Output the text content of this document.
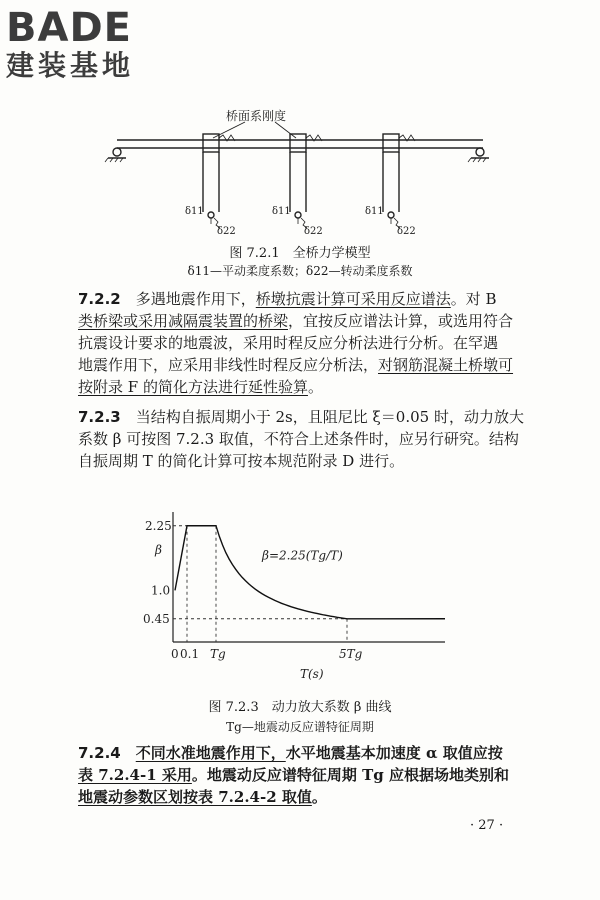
BADE
建装基地
桥面系刚度
δ11
δ22
δ11
δ22
δ11
δ22
图 7.2.1　全桥力学模型
δ11—平动柔度系数；δ22—转动柔度系数
7.2.2　 多遇地震作用下，桥墩抗震计算可采用反应谱法。对 B
类桥梁或采用减隔震装置的桥梁，宜按反应谱法计算，或选用符合
抗震设计要求的地震波，采用时程反应分析法进行分析。在罕遇
地震作用下，应采用非线性时程反应分析法，对钢筋混凝土桥墩可
按附录 F 的简化方法进行延性验算。
7.2.3　 当结构自振周期小于 2s，且阻尼比 ξ＝0.05 时，动力放大
系数 β 可按图 7.2.3 取值，不符合上述条件时，应另行研究。结构
自振周期 T 的简化计算可按本规范附录 D 进行。
2.25
1.0
0.45
β
0 0.1 Tg	5Tg
T(s)
β=2.25(Tg/T)
图 7.2.3　动力放大系数 β 曲线
Tg—地震动反应谱特征周期
7.2.4　 不同水准地震作用下，水平地震基本加速度 α 取值应按
表 7.2.4-1 采用。地震动反应谱特征周期 Tg 应根据场地类别和
地震动参数区划按表 7.2.4-2 取值。
· 27 ·
